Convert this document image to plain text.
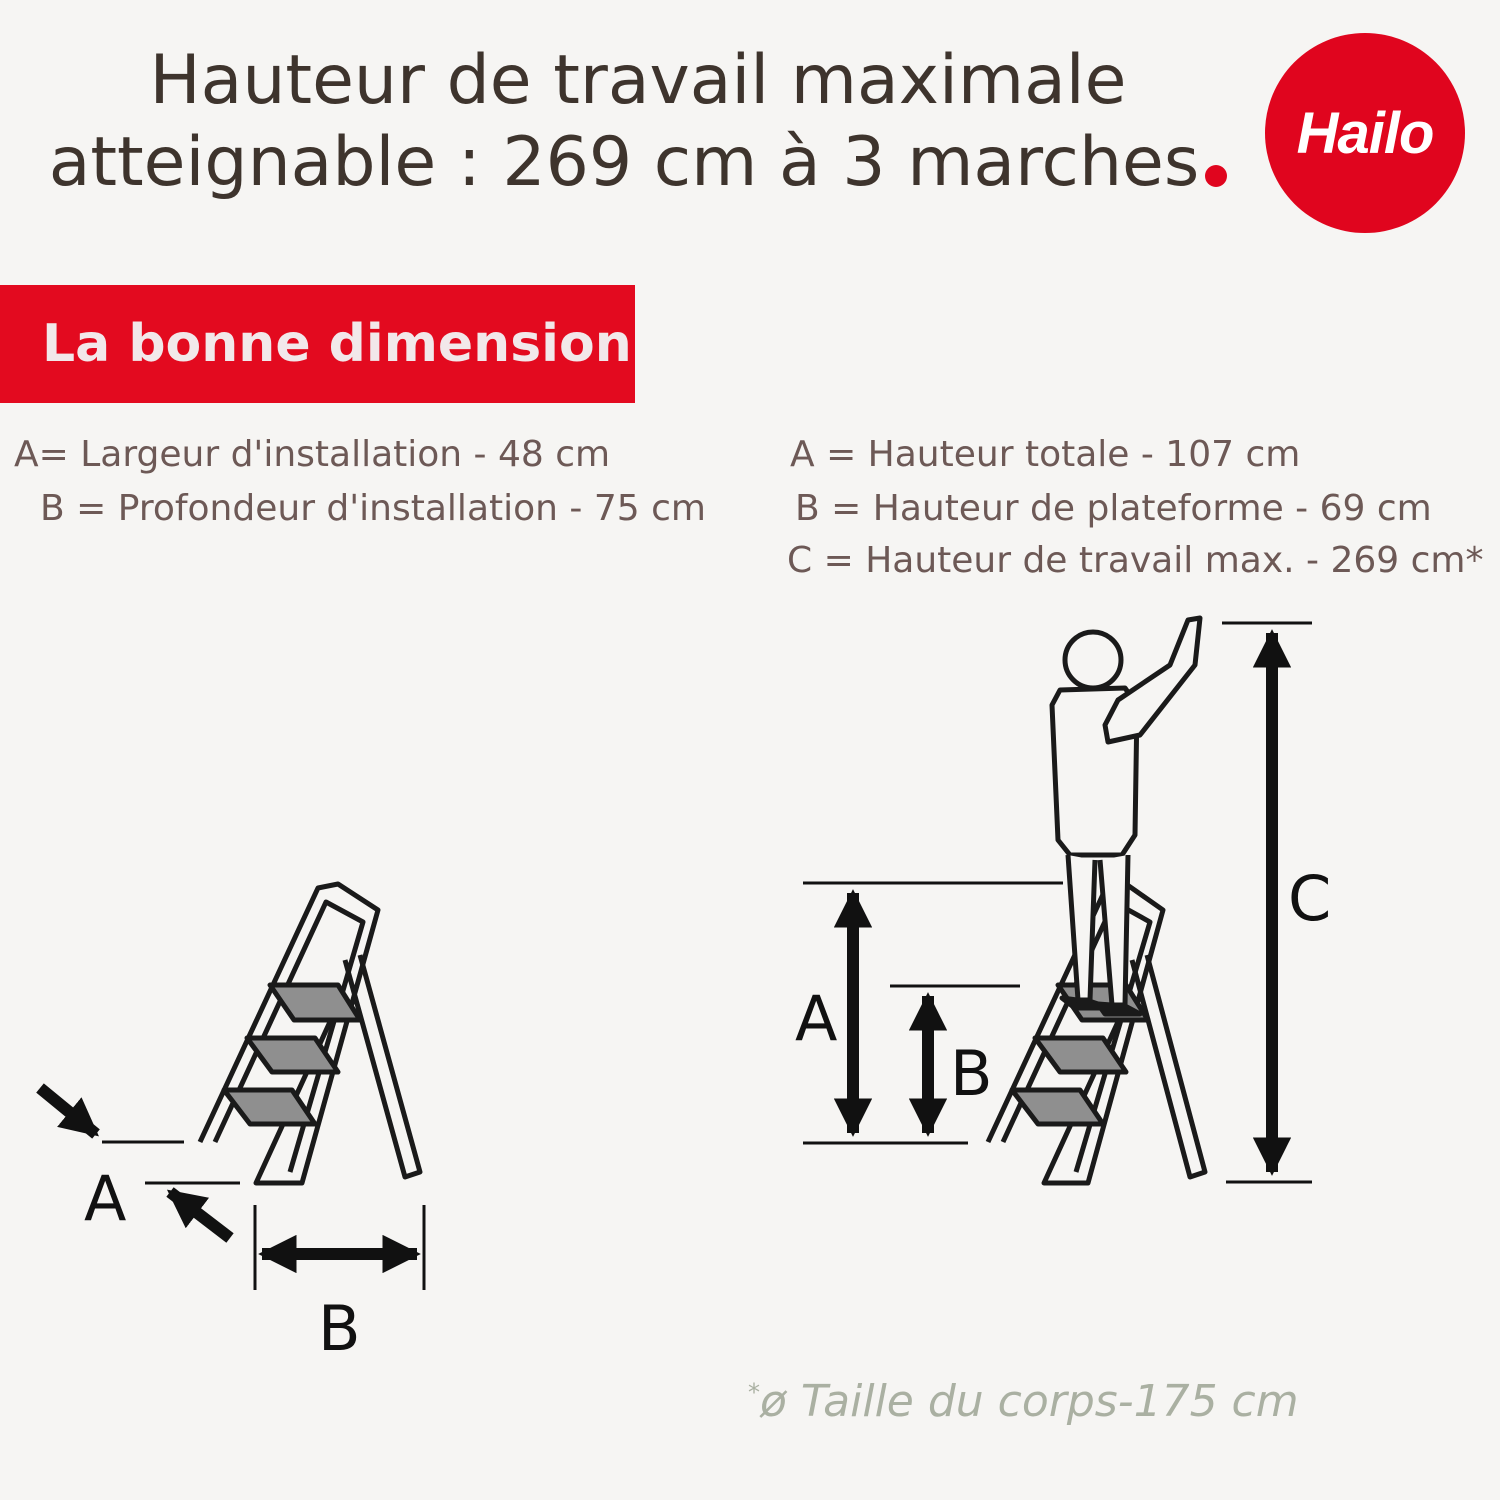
Hauteur de travail maximale
atteignable : 269 cm à 3 marches	Hailo
La bonne dimension
A= Largeur d'installation - 48 cm
B = Profondeur d'installation - 75 cm
A = Hauteur totale - 107 cm
B = Hauteur de plateforme - 69 cm
C = Hauteur de travail max. - 269 cm*
A
B
A
B
C
*ø Taille du corps-175 cm
